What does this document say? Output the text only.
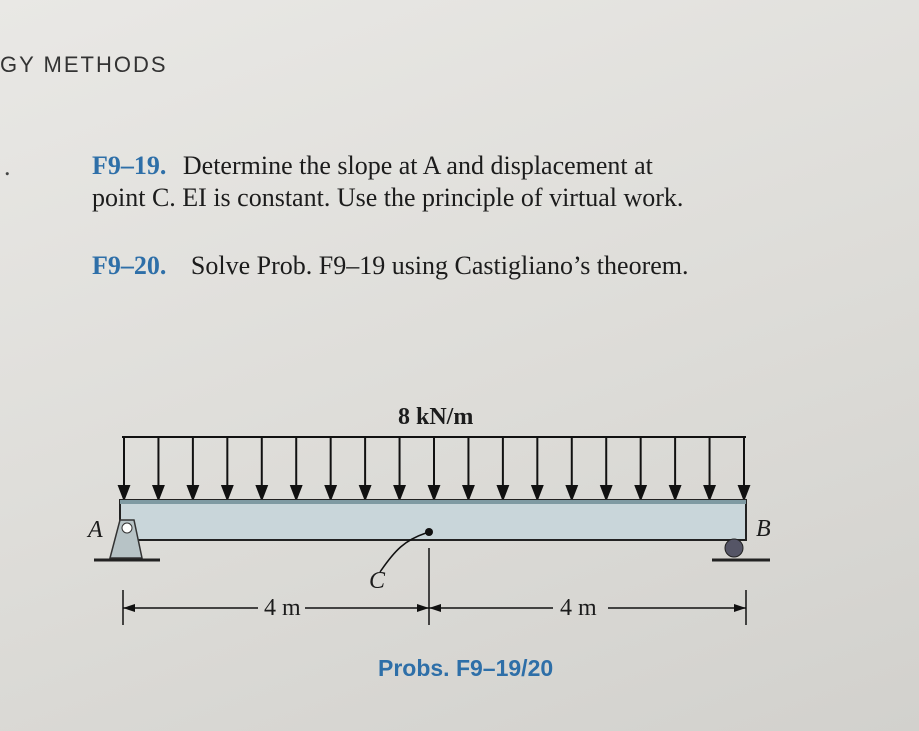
GY METHODS
.	F9–19. Determine the slope at A and displacement at
point C. EI is constant. Use the principle of virtual work.
F9–20. Solve Prob. F9–19 using Castigliano’s theorem.
8 kN/m
A	B
C
4 m	4 m
Probs. F9–19/20
